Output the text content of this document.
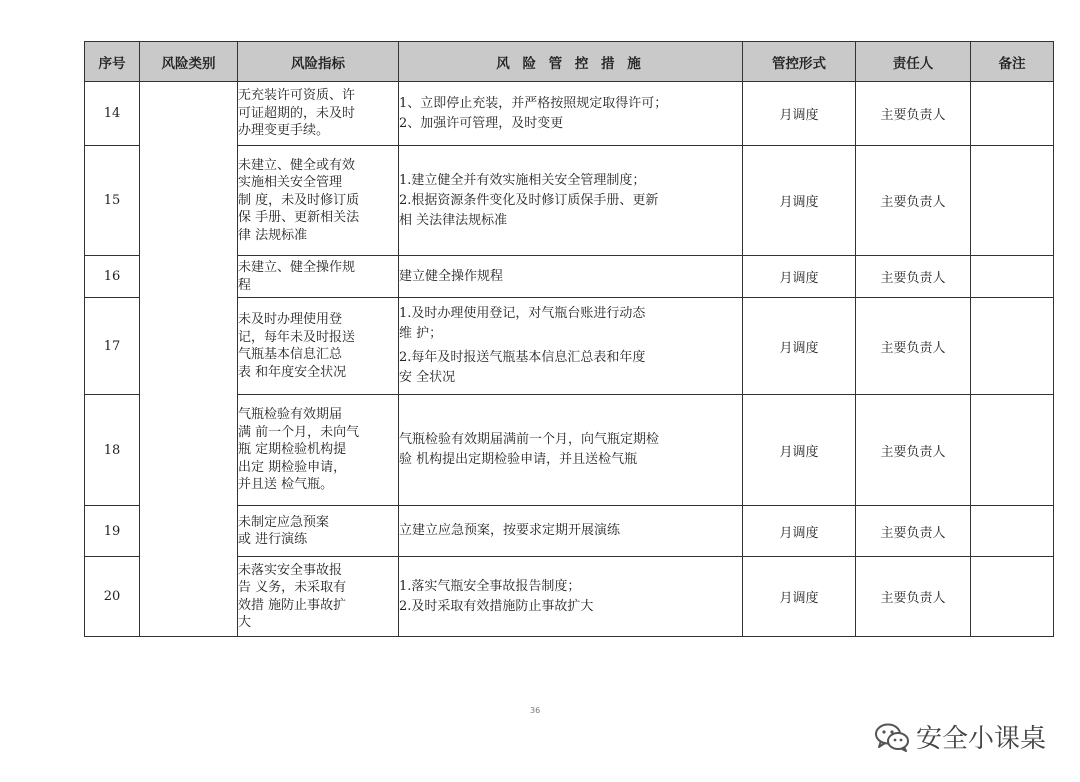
序号	风险类别	风险指标	风 险 管 控 措 施	管控形式	责任人	备注
14		无充装许可资质、许
可证超期的，未及时
办理变更手续。	1、立即停止充装，并严格按照规定取得许可；
2、加强许可管理，及时变更	月调度	主要负责人	
15		未建立、健全或有效
实施相关安全管理
制 度，未及时修订质
保 手册、更新相关法
律 法规标准	1.建立健全并有效实施相关安全管理制度；
2.根据资源条件变化及时修订质保手册、更新
相 关法律法规标准	月调度	主要负责人	
16		未建立、健全操作规
程	建立健全操作规程	月调度	主要负责人	
17		未及时办理使用登
记，每年未及时报送
气瓶基本信息汇总
表 和年度安全状况	1.及时办理使用登记，对气瓶台账进行动态
维 护；
2.每年及时报送气瓶基本信息汇总表和年度
安 全状况	月调度	主要负责人	
18		气瓶检验有效期届
满 前一个月，未向气
瓶 定期检验机构提
出定 期检验申请，
并且送 检气瓶。	气瓶检验有效期届满前一个月，向气瓶定期检
验 机构提出定期检验申请，并且送检气瓶	月调度	主要负责人	
19		未制定应急预案
或 进行演练	立建立应急预案，按要求定期开展演练	月调度	主要负责人	
20		未落实安全事故报
告 义务，未采取有
效措 施防止事故扩
大	1.落实气瓶安全事故报告制度；
2.及时采取有效措施防止事故扩大	月调度	主要负责人	
36
安全小课桌
